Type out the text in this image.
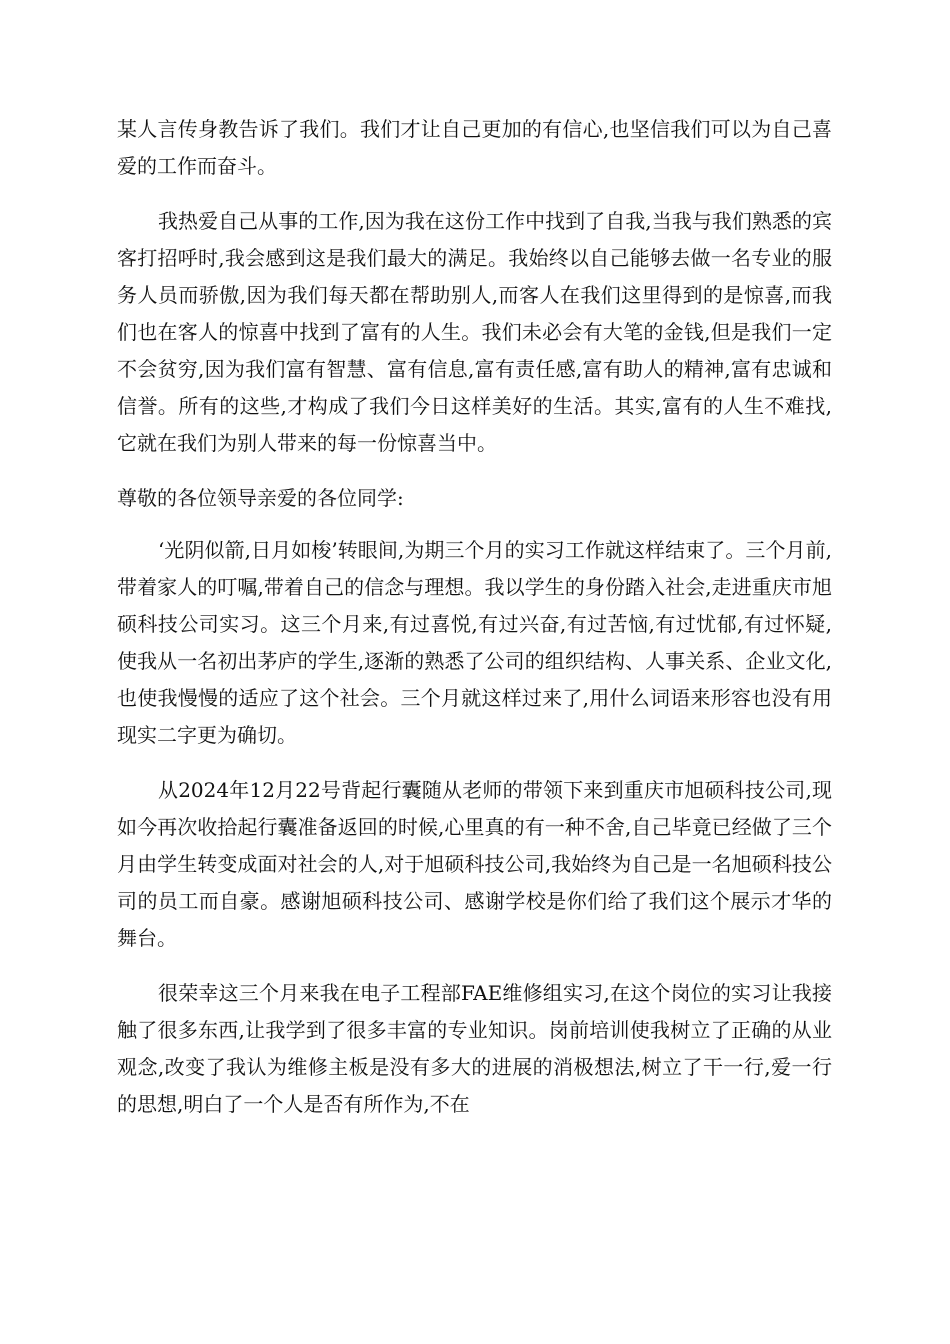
某人言传身教告诉了我们。我们才让自己更加的有信心,也坚信我们可以为自己喜爱的工作而奋斗。

我热爱自己从事的工作,因为我在这份工作中找到了自我,当我与我们熟悉的宾客打招呼时,我会感到这是我们最大的满足。我始终以自己能够去做一名专业的服务人员而骄傲,因为我们每天都在帮助别人,而客人在我们这里得到的是惊喜,而我们也在客人的惊喜中找到了富有的人生。我们未必会有大笔的金钱,但是我们一定不会贫穷,因为我们富有智慧、富有信息,富有责任感,富有助人的精神,富有忠诚和信誉。所有的这些,才构成了我们今日这样美好的生活。其实,富有的人生不难找,它就在我们为别人带来的每一份惊喜当中。

尊敬的各位领导亲爱的各位同学:

‘光阴似箭,日月如梭’转眼间,为期三个月的实习工作就这样结束了。三个月前,带着家人的叮嘱,带着自己的信念与理想。我以学生的身份踏入社会,走进重庆市旭硕科技公司实习。这三个月来,有过喜悦,有过兴奋,有过苦恼,有过忧郁,有过怀疑,使我从一名初出茅庐的学生,逐渐的熟悉了公司的组织结构、人事关系、企业文化,也使我慢慢的适应了这个社会。三个月就这样过来了,用什么词语来形容也没有用现实二字更为确切。

从2024年12月22号背起行囊随从老师的带领下来到重庆市旭硕科技公司,现如今再次收拾起行囊准备返回的时候,心里真的有一种不舍,自己毕竟已经做了三个月由学生转变成面对社会的人,对于旭硕科技公司,我始终为自己是一名旭硕科技公司的员工而自豪。感谢旭硕科技公司、感谢学校是你们给了我们这个展示才华的舞台。

很荣幸这三个月来我在电子工程部FAE维修组实习,在这个岗位的实习让我接触了很多东西,让我学到了很多丰富的专业知识。岗前培训使我树立了正确的从业观念,改变了我认为维修主板是没有多大的进展的消极想法,树立了干一行,爱一行的思想,明白了一个人是否有所作为,不在
